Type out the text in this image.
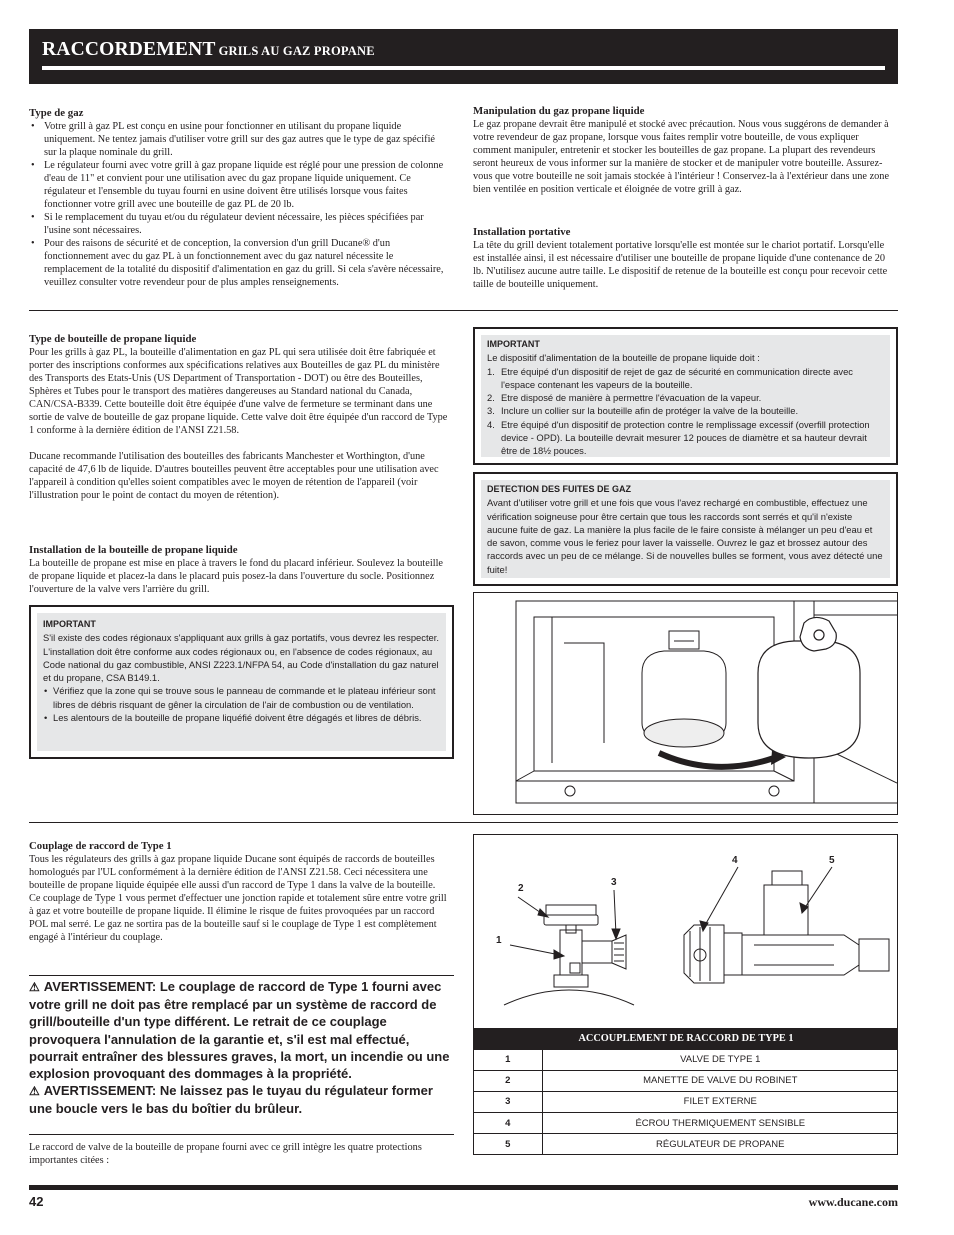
RACCORDEMENT GRILS AU GAZ PROPANE
Type de gaz
• Votre grill à gaz PL est conçu en usine pour fonctionner en utilisant du propane liquide uniquement. Ne tentez jamais d'utiliser votre grill sur des gaz autres que le type de gaz spécifié sur la plaque nominale du grill.
• Le régulateur fourni avec votre grill à gaz propane liquide est réglé pour une pression de colonne d'eau de 11" et convient pour une utilisation avec du gaz propane liquide uniquement. Ce régulateur et l'ensemble du tuyau fourni en usine doivent être utilisés lorsque vous faites fonctionner votre grill avec une bouteille de gaz PL de 20 lb.
• Si le remplacement du tuyau et/ou du régulateur devient nécessaire, les pièces spécifiées par l'usine sont nécessaires.
• Pour des raisons de sécurité et de conception, la conversion d'un grill Ducane® d'un fonctionnement avec du gaz PL à un fonctionnement avec du gaz naturel nécessite le remplacement de la totalité du dispositif d'alimentation en gaz du grill. Si cela s'avère nécessaire, veuillez consulter votre revendeur pour de plus amples renseignements.
Manipulation du gaz propane liquide
Le gaz propane devrait être manipulé et stocké avec précaution. Nous vous suggérons de demander à votre revendeur de gaz propane, lorsque vous faites remplir votre bouteille, de vous expliquer comment manipuler, entretenir et stocker les bouteilles de gaz propane. La plupart des revendeurs seront heureux de vous informer sur la manière de stocker et de manipuler votre bouteille. Assurez-vous que votre bouteille ne soit jamais stockée à l'intérieur ! Conservez-la à l'extérieur dans une zone bien ventilée en position verticale et éloignée de votre grill à gaz.
Installation portative
La tête du grill devient totalement portative lorsqu'elle est montée sur le chariot portatif. Lorsqu'elle est installée ainsi, il est nécessaire d'utiliser une bouteille de propane liquide d'une contenance de 20 lb. N'utilisez aucune autre taille. Le dispositif de retenue de la bouteille est conçu pour recevoir cette taille de bouteille uniquement.
Type de bouteille de propane liquide
Pour les grills à gaz PL, la bouteille d'alimentation en gaz PL qui sera utilisée doit être fabriquée et porter des inscriptions conformes aux spécifications relatives aux Bouteilles de gaz PL du ministère des Transports des Etats-Unis (US Department of Transportation - DOT) ou être des Bouteilles, Sphères et Tubes pour le transport des matières dangereuses au Standard national du Canada, CAN/CSA-B339. Cette bouteille doit être équipée d'une valve de fermeture se terminant dans une sortie de valve de bouteille de gaz propane liquide. Cette valve doit être équipée d'un raccord de Type 1 conforme à la dernière édition de l'ANSI Z21.58.
Ducane recommande l'utilisation des bouteilles des fabricants Manchester et Worthington, d'une capacité de 47,6 lb de liquide. D'autres bouteilles peuvent être acceptables pour une utilisation avec l'appareil à condition qu'elles soient compatibles avec le moyen de rétention de l'appareil (voir l'illustration pour le point de contact du moyen de rétention).
Installation de la bouteille de propane liquide
La bouteille de propane est mise en place à travers le fond du placard inférieur. Soulevez la bouteille de propane liquide et placez-la dans le placard puis posez-la dans l'ouverture du socle. Positionnez l'ouverture de la valve vers l'arrière du grill.
IMPORTANT
S'il existe des codes régionaux s'appliquant aux grills à gaz portatifs, vous devrez les respecter. L'installation doit être conforme aux codes régionaux ou, en l'absence de codes régionaux, au Code national du gaz combustible, ANSI Z223.1/NFPA 54, au Code d'installation du gaz naturel et du propane, CSA B149.1.
• Vérifiez que la zone qui se trouve sous le panneau de commande et le plateau inférieur sont libres de débris risquant de gêner la circulation de l'air de combustion ou de ventilation.
• Les alentours de la bouteille de propane liquéfié doivent être dégagés et libres de débris.
IMPORTANT
Le dispositif d'alimentation de la bouteille de propane liquide doit :
1. Etre équipé d'un dispositif de rejet de gaz de sécurité en communication directe avec l'espace contenant les vapeurs de la bouteille.
2. Etre disposé de manière à permettre l'évacuation de la vapeur.
3. Inclure un collier sur la bouteille afin de protéger la valve de la bouteille.
4. Etre équipé d'un dispositif de protection contre le remplissage excessif (overfill protection device - OPD). La bouteille devrait mesurer 12 pouces de diamètre et sa hauteur devrait être de 18½ pouces.
DETECTION DES FUITES DE GAZ
Avant d'utiliser votre grill et une fois que vous l'avez rechargé en combustible, effectuez une vérification soigneuse pour être certain que tous les raccords sont serrés et qu'il n'existe aucune fuite de gaz. La manière la plus facile de le faire consiste à mélanger un peu d'eau et de savon, comme vous le feriez pour laver la vaisselle. Ouvrez le gaz et brossez autour des raccords avec un peu de ce mélange. Si de nouvelles bulles se forment, vous avez détecté une fuite!
Couplage de raccord de Type 1
Tous les régulateurs des grills à gaz propane liquide Ducane sont équipés de raccords de bouteilles homologués par l'UL conformément à la dernière édition de l'ANSI Z21.58. Ceci nécessitera une bouteille de propane liquide équipée elle aussi d'un raccord de Type 1 dans la valve de la bouteille. Ce couplage de Type 1 vous permet d'effectuer une jonction rapide et totalement sûre entre votre grill à gaz et votre bouteille de propane liquide. Il élimine le risque de fuites provoquées par un raccord POL mal serré. Le gaz ne sortira pas de la bouteille sauf si le couplage de Type 1 est complètement engagé à l'intérieur du couplage.
⚠ AVERTISSEMENT: Le couplage de raccord de Type 1 fourni avec votre grill ne doit pas être remplacé par un système de raccord de grill/bouteille d'un type différent. Le retrait de ce couplage provoquera l'annulation de la garantie et, s'il est mal effectué, pourrait entraîner des blessures graves, la mort, un incendie ou une explosion provoquant des dommages à la propriété.
⚠ AVERTISSEMENT: Ne laissez pas le tuyau du régulateur former une boucle vers le bas du boîtier du brûleur.
Le raccord de valve de la bouteille de propane fourni avec ce grill intègre les quatre protections importantes citées :
2
1
3
4	5
ACCOUPLEMENT DE RACCORD DE TYPE 1	
1	VALVE DE TYPE 1
2	MANETTE DE VALVE DU ROBINET
3	FILET EXTERNE
4	ÉCROU THERMIQUEMENT SENSIBLE
5	RÉGULATEUR DE PROPANE
42	www.ducane.com
